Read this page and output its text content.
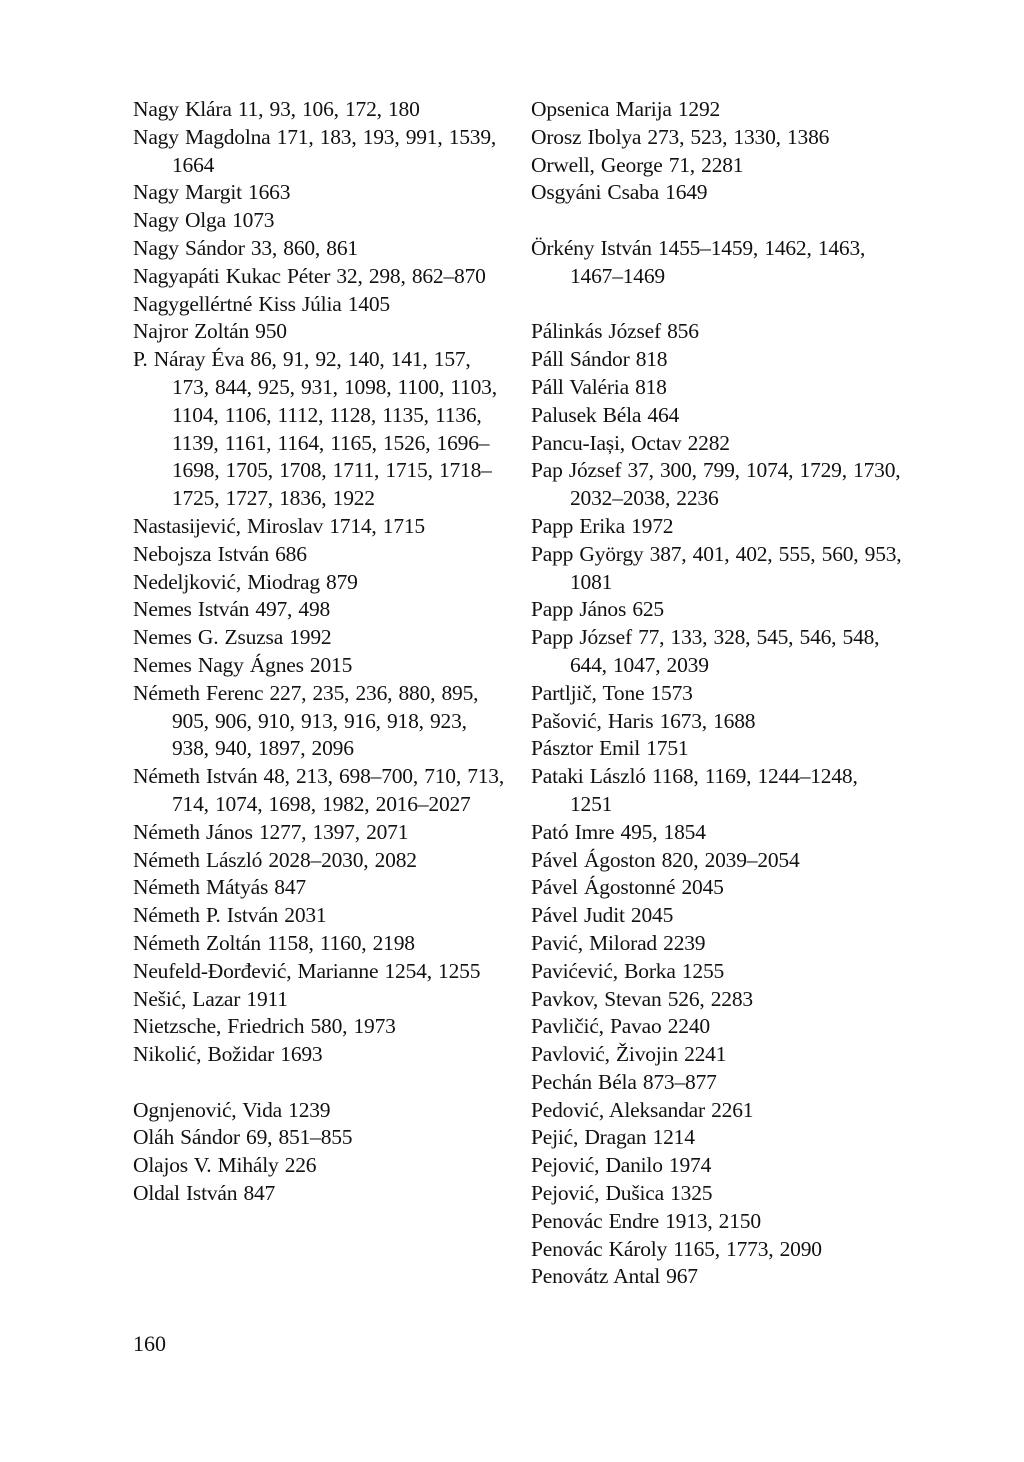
Nagy Klára 11, 93, 106, 172, 180
Nagy Magdolna 171, 183, 193, 991, 1539, 1664
Nagy Margit 1663
Nagy Olga 1073
Nagy Sándor 33, 860, 861
Nagyapáti Kukac Péter 32, 298, 862–870
Nagygellértné Kiss Júlia 1405
Najror Zoltán 950
P. Náray Éva 86, 91, 92, 140, 141, 157, 173, 844, 925, 931, 1098, 1100, 1103, 1104, 1106, 1112, 1128, 1135, 1136, 1139, 1161, 1164, 1165, 1526, 1696–1698, 1705, 1708, 1711, 1715, 1718–1725, 1727, 1836, 1922
Nastasijević, Miroslav 1714, 1715
Nebojsza István 686
Nedeljković, Miodrag 879
Nemes István 497, 498
Nemes G. Zsuzsa 1992
Nemes Nagy Ágnes 2015
Németh Ferenc 227, 235, 236, 880, 895, 905, 906, 910, 913, 916, 918, 923, 938, 940, 1897, 2096
Németh István 48, 213, 698–700, 710, 713, 714, 1074, 1698, 1982, 2016–2027
Németh János 1277, 1397, 2071
Németh László 2028–2030, 2082
Németh Mátyás 847
Németh P. István 2031
Németh Zoltán 1158, 1160, 2198
Neufeld-Đorđević, Marianne 1254, 1255
Nešić, Lazar 1911
Nietzsche, Friedrich 580, 1973
Nikolić, Božidar 1693
Ognjenović, Vida 1239
Oláh Sándor 69, 851–855
Olajos V. Mihály 226
Oldal István 847
Opsenica Marija 1292
Orosz Ibolya 273, 523, 1330, 1386
Orwell, George 71, 2281
Osgyáni Csaba 1649
Örkény István 1455–1459, 1462, 1463, 1467–1469
Pálinkás József 856
Páll Sándor 818
Páll Valéria 818
Palusek Béla 464
Pancu-Iași, Octav 2282
Pap József 37, 300, 799, 1074, 1729, 1730, 2032–2038, 2236
Papp Erika 1972
Papp György 387, 401, 402, 555, 560, 953, 1081
Papp János 625
Papp József 77, 133, 328, 545, 546, 548, 644, 1047, 2039
Partljič, Tone 1573
Pašović, Haris 1673, 1688
Pásztor Emil 1751
Pataki László 1168, 1169, 1244–1248, 1251
Pató Imre 495, 1854
Pável Ágoston 820, 2039–2054
Pável Ágostonné 2045
Pável Judit 2045
Pavić, Milorad 2239
Pavićević, Borka 1255
Pavkov, Stevan 526, 2283
Pavličić, Pavao 2240
Pavlović, Živojin 2241
Pechán Béla 873–877
Pedović, Aleksandar 2261
Pejić, Dragan 1214
Pejović, Danilo 1974
Pejović, Dušica 1325
Penovác Endre 1913, 2150
Penovác Károly 1165, 1773, 2090
Penovátz Antal 967
160
